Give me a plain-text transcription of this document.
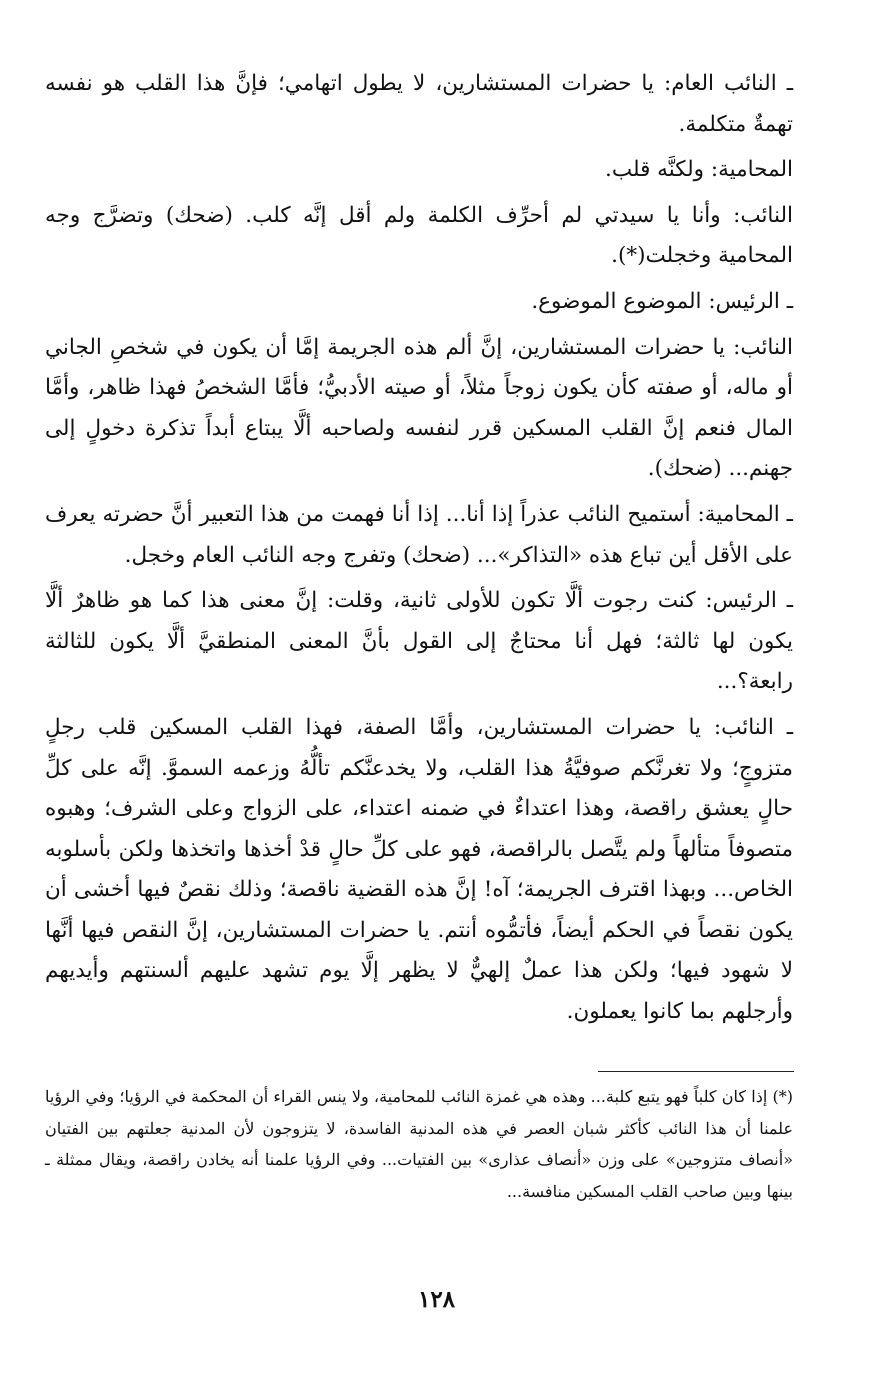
ـ النائب العام: يا حضرات المستشارين، لا يطول اتهامي؛ فإنَّ هذا القلب هو نفسه تهمةٌ متكلمة.

المحامية: ولكنَّه قلب.

النائب: وأنا يا سيدتي لم أحرِّف الكلمة ولم أقل إنَّه كلب. (ضحك) وتضرَّج وجه المحامية وخجلت(*).

ـ الرئيس: الموضوع الموضوع.

النائب: يا حضرات المستشارين، إنَّ ألم هذه الجريمة إمَّا أن يكون في شخصِ الجاني أو ماله، أو صفته كأن يكون زوجاً مثلاً، أو صيته الأدبيُّ؛ فأمَّا الشخصُ فهذا ظاهر، وأمَّا المال فنعم إنَّ القلب المسكين قرر لنفسه ولصاحبه ألَّا يبتاع أبداً تذكرة دخولٍ إلى جهنم... (ضحك).

ـ المحامية: أستميح النائب عذراً إذا أنا... إذا أنا فهمت من هذا التعبير أنَّ حضرته يعرف على الأقل أين تباع هذه «التذاكر»... (ضحك) وتفرج وجه النائب العام وخجل.

ـ الرئيس: كنت رجوت ألَّا تكون للأولى ثانية، وقلت: إنَّ معنى هذا كما هو ظاهرٌ ألَّا يكون لها ثالثة؛ فهل أنا محتاجٌ إلى القول بأنَّ المعنى المنطقيَّ ألَّا يكون للثالثة رابعة؟...

ـ النائب: يا حضرات المستشارين، وأمَّا الصفة، فهذا القلب المسكين قلب رجلٍ متزوجٍ؛ ولا تغرنَّكم صوفيَّةُ هذا القلب، ولا يخدعنَّكم تألُّهُ وزعمه السموَّ. إنَّه على كلِّ حالٍ يعشق راقصة، وهذا اعتداءٌ في ضمنه اعتداء، على الزواج وعلى الشرف؛ وهبوه متصوفاً متألهاً ولم يتَّصل بالراقصة، فهو على كلِّ حالٍ قدْ أخذها واتخذها ولكن بأسلوبه الخاص... وبهذا اقترف الجريمة؛ آه! إنَّ هذه القضية ناقصة؛ وذلك نقصٌ فيها أخشى أن يكون نقصاً في الحكم أيضاً، فأتمُّوه أنتم. يا حضرات المستشارين، إنَّ النقص فيها أنَّها لا شهود فيها؛ ولكن هذا عملٌ إلهيٌّ لا يظهر إلَّا يوم تشهد عليهم ألسنتهم وأيديهم وأرجلهم بما كانوا يعملون.

(*) إذا كان كلباً فهو يتبع كلبة... وهذه هي غمزة النائب للمحامية، ولا ينس القراء أن المحكمة في الرؤيا؛ وفي الرؤيا علمنا أن هذا النائب كأكثر شبان العصر في هذه المدنية الفاسدة، لا يتزوجون لأن المدنية جعلتهم بين الفتيان «أنصاف متزوجين» على وزن «أنصاف عذارى» بين الفتيات... وفي الرؤيا علمنا أنه يخادن راقصة، ويقال ممثلة ـ بينها وبين صاحب القلب المسكين منافسة...

١٢٨
